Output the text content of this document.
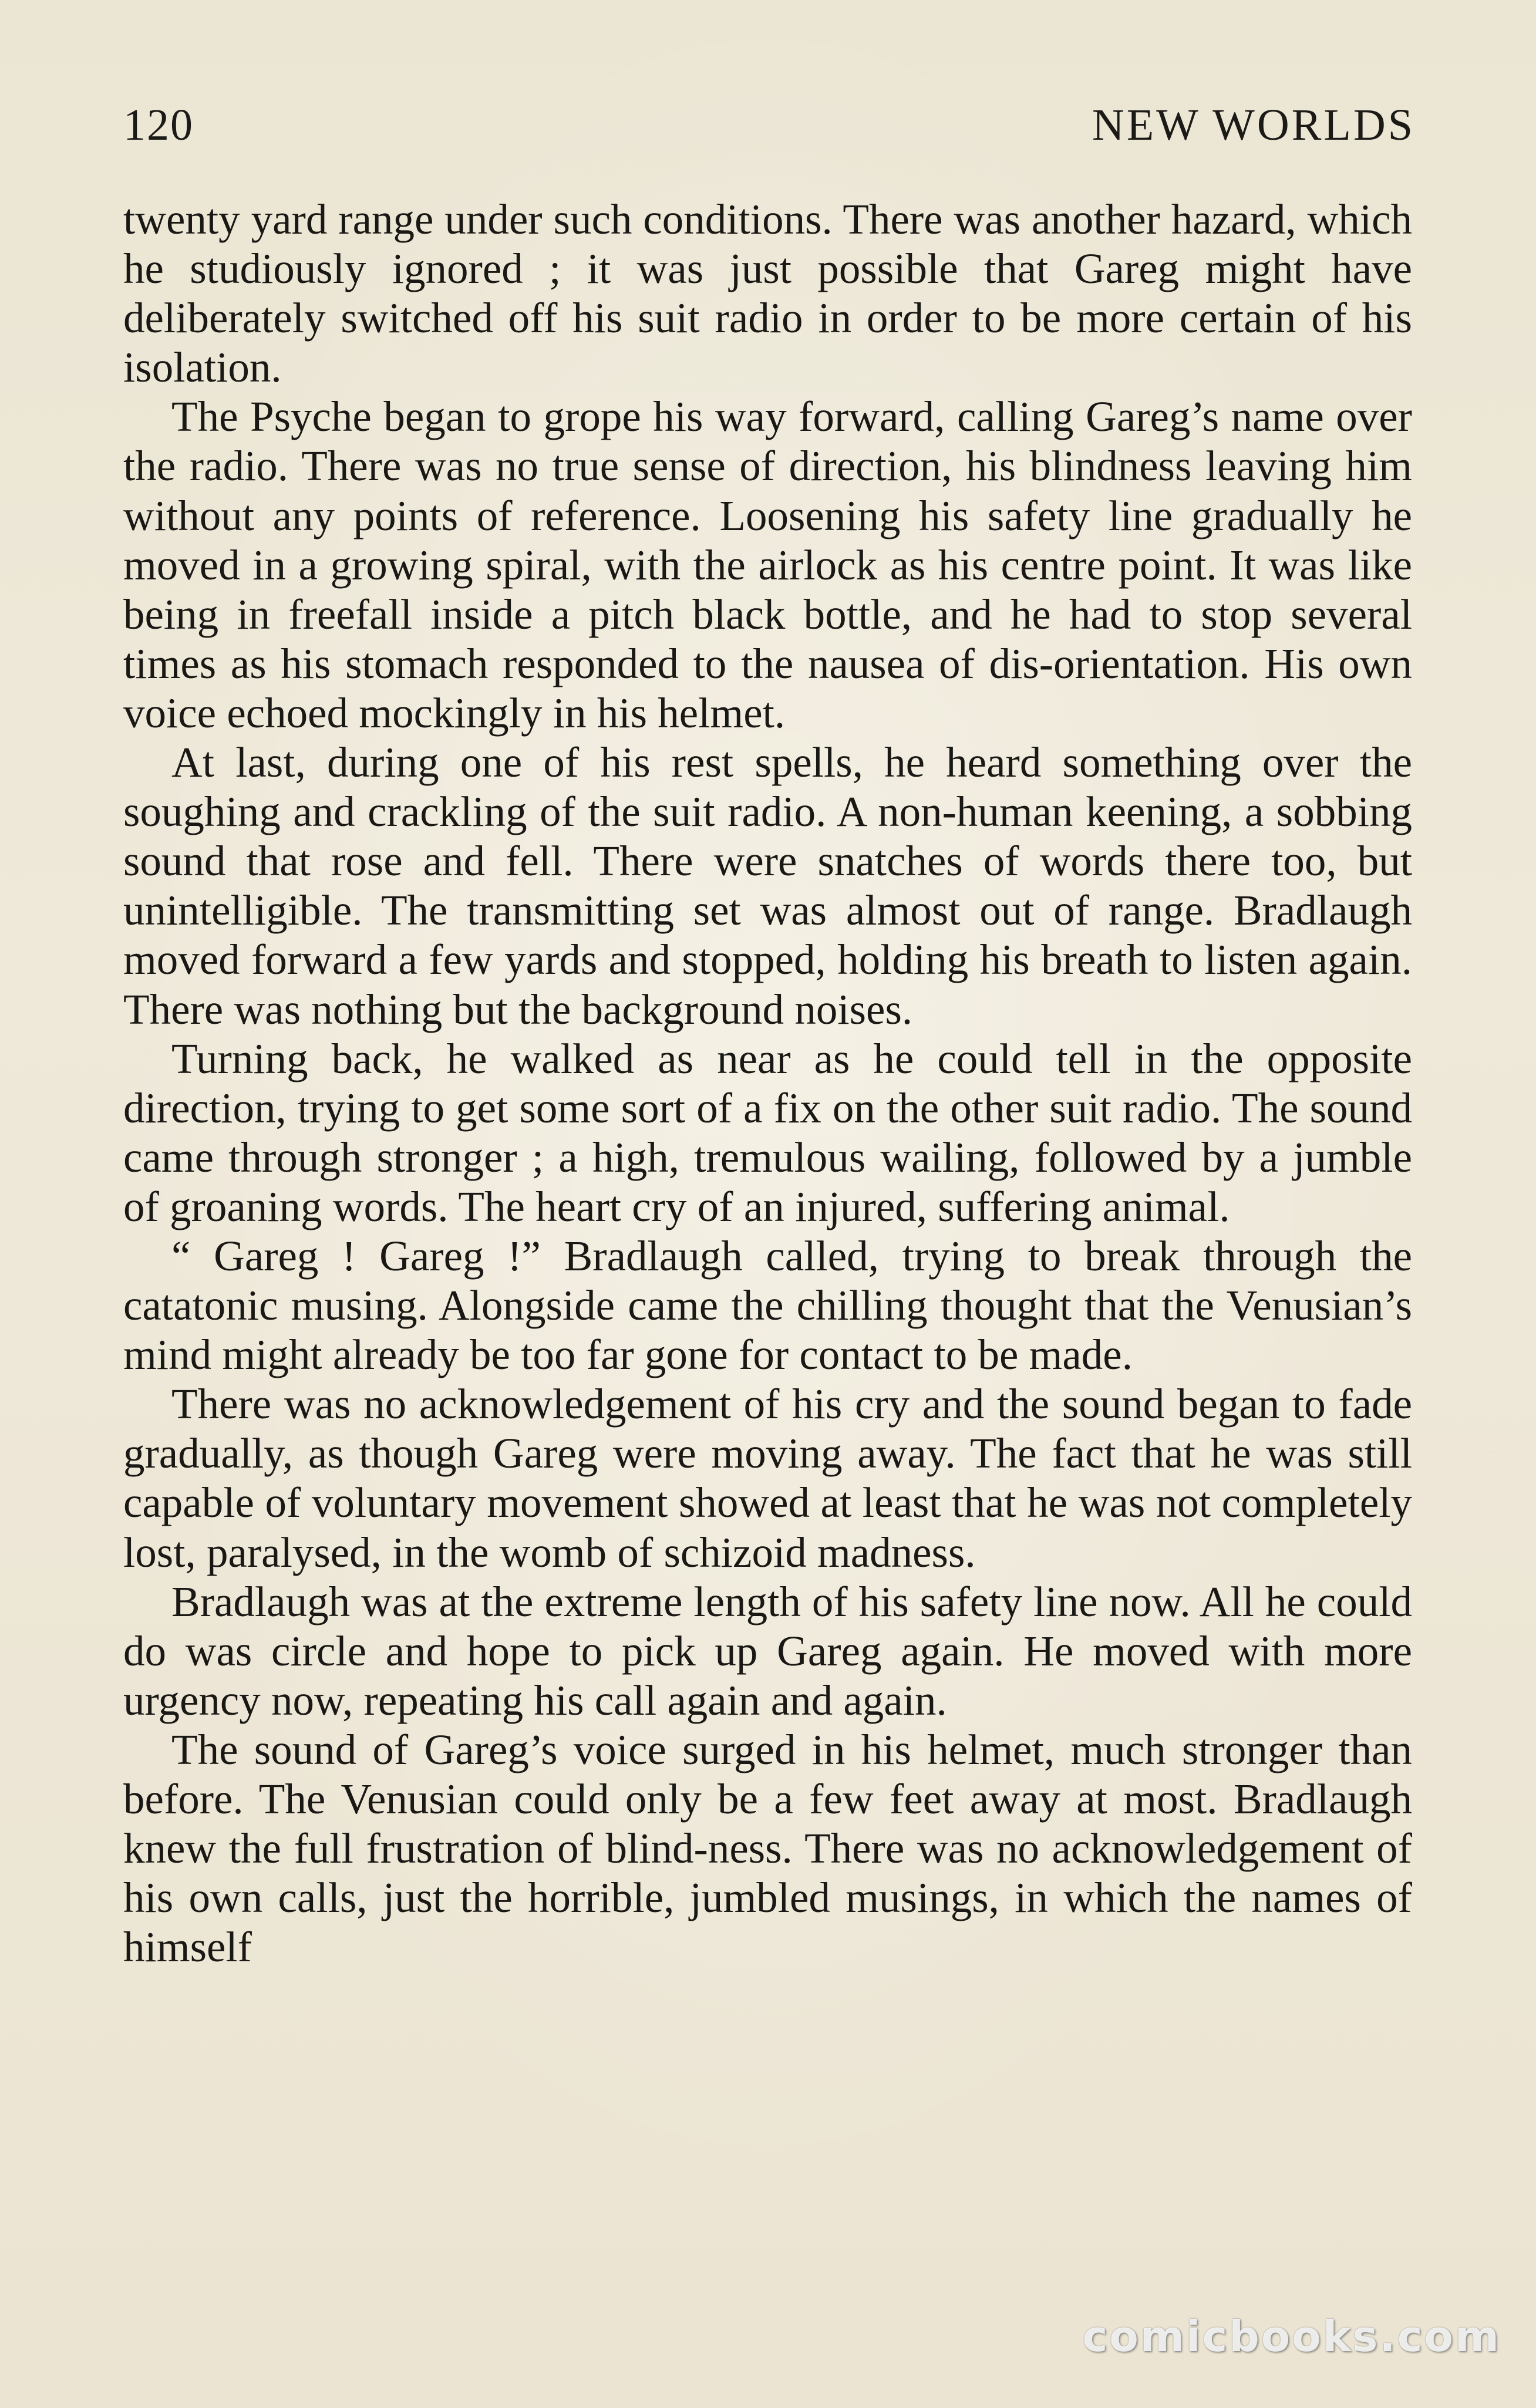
120	NEW WORLDS

twenty yard range under such conditions. There was another hazard, which he studiously ignored ; it was just possible that Gareg might have deliberately switched off his suit radio in order to be more certain of his isolation.

The Psyche began to grope his way forward, calling Gareg’s name over the radio. There was no true sense of direction, his blindness leaving him without any points of reference. Loosening his safety line gradually he moved in a growing spiral, with the airlock as his centre point. It was like being in freefall inside a pitch black bottle, and he had to stop several times as his stomach responded to the nausea of dis-orientation. His own voice echoed mockingly in his helmet.

At last, during one of his rest spells, he heard something over the soughing and crackling of the suit radio. A non-human keening, a sobbing sound that rose and fell. There were snatches of words there too, but unintelligible. The transmitting set was almost out of range. Bradlaugh moved forward a few yards and stopped, holding his breath to listen again. There was nothing but the background noises.

Turning back, he walked as near as he could tell in the opposite direction, trying to get some sort of a fix on the other suit radio. The sound came through stronger ; a high, tremulous wailing, followed by a jumble of groaning words. The heart cry of an injured, suffering animal.

“ Gareg ! Gareg !” Bradlaugh called, trying to break through the catatonic musing. Alongside came the chilling thought that the Venusian’s mind might already be too far gone for contact to be made.

There was no acknowledgement of his cry and the sound began to fade gradually, as though Gareg were moving away. The fact that he was still capable of voluntary movement showed at least that he was not completely lost, paralysed, in the womb of schizoid madness.

Bradlaugh was at the extreme length of his safety line now. All he could do was circle and hope to pick up Gareg again. He moved with more urgency now, repeating his call again and again.

The sound of Gareg’s voice surged in his helmet, much stronger than before. The Venusian could only be a few feet away at most. Bradlaugh knew the full frustration of blind-ness. There was no acknowledgement of his own calls, just the horrible, jumbled musings, in which the names of himself

comicbooks.com
